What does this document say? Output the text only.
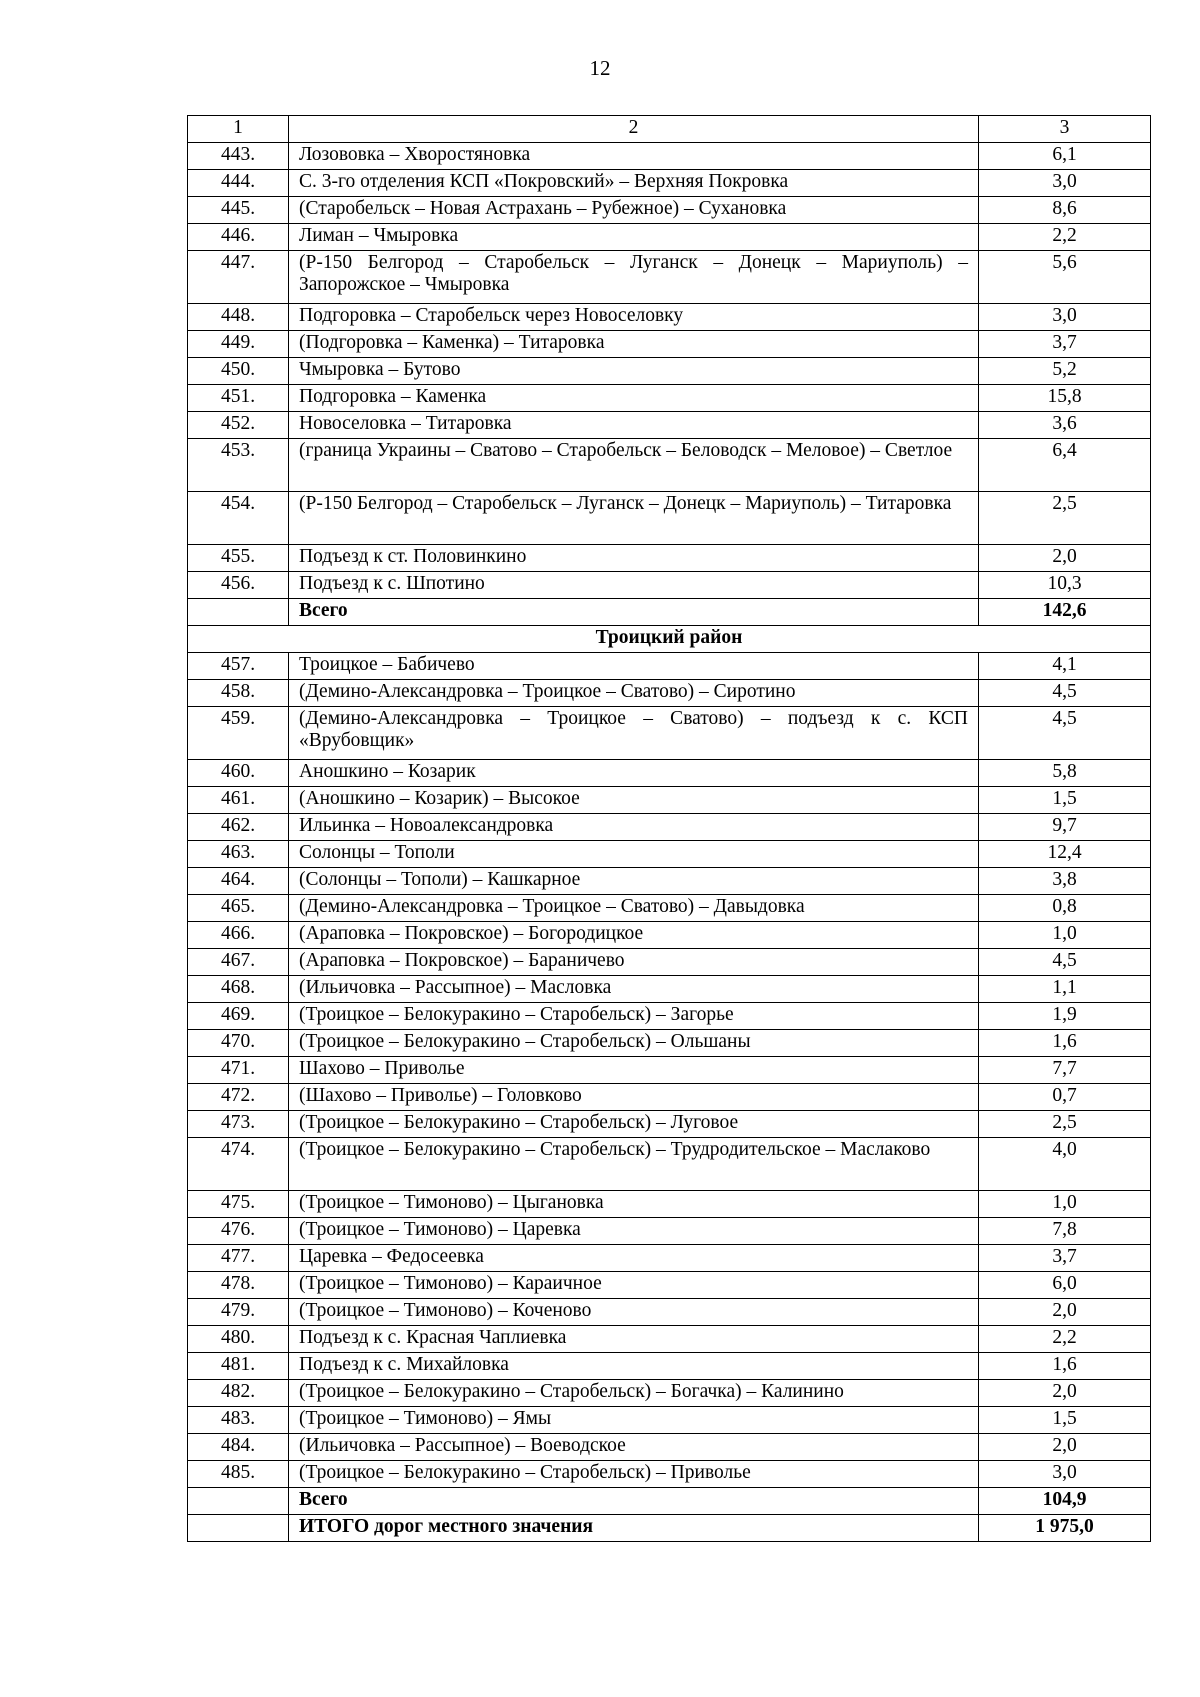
12
1	2	3
443.	Лозововка – Хворостяновка	6,1
444.	С. 3-го отделения КСП «Покровский» – Верхняя Покровка	3,0
445.	(Старобельск – Новая Астрахань – Рубежное) – Сухановка	8,6
446.	Лиман – Чмыровка	2,2
447.	(Р-150 Белгород – Старобельск – Луганск – Донецк – Мариуполь) – Запорожское – Чмыровка	5,6
448.	Подгоровка – Старобельск через Новоселовку	3,0
449.	(Подгоровка – Каменка) – Титаровка	3,7
450.	Чмыровка – Бутово	5,2
451.	Подгоровка – Каменка	15,8
452.	Новоселовка – Титаровка	3,6
453.	(граница Украины – Сватово – Старобельск – Беловодск – Меловое) – Светлое	6,4
454.	(Р-150 Белгород – Старобельск – Луганск – Донецк – Мариуполь) – Титаровка	2,5
455.	Подъезд к ст. Половинкино	2,0
456.	Подъезд к с. Шпотино	10,3
	Всего	142,6
Троицкий район		
457.	Троицкое – Бабичево	4,1
458.	(Демино-Александровка – Троицкое – Сватово) – Сиротино	4,5
459.	(Демино-Александровка – Троицкое – Сватово) – подъезд к с. КСП «Врубовщик»	4,5
460.	Аношкино – Козарик	5,8
461.	(Аношкино – Козарик) – Высокое	1,5
462.	Ильинка – Новоалександровка	9,7
463.	Солонцы – Тополи	12,4
464.	(Солонцы – Тополи) – Кашкарное	3,8
465.	(Демино-Александровка – Троицкое – Сватово) – Давыдовка	0,8
466.	(Араповка – Покровское) – Богородицкое	1,0
467.	(Араповка – Покровское) – Бараничево	4,5
468.	(Ильичовка – Рассыпное) – Масловка	1,1
469.	(Троицкое – Белокуракино – Старобельск) – Загорье	1,9
470.	(Троицкое – Белокуракино – Старобельск) – Ольшаны	1,6
471.	Шахово – Приволье	7,7
472.	(Шахово – Приволье) – Головково	0,7
473.	(Троицкое – Белокуракино – Старобельск) – Луговое	2,5
474.	(Троицкое – Белокуракино – Старобельск) – Трудродительское – Маслаково	4,0
475.	(Троицкое – Тимоново) – Цыгановка	1,0
476.	(Троицкое – Тимоново) – Царевка	7,8
477.	Царевка – Федосеевка	3,7
478.	(Троицкое – Тимоново) – Караичное	6,0
479.	(Троицкое – Тимоново) – Коченово	2,0
480.	Подъезд к с. Красная Чаплиевка	2,2
481.	Подъезд к с. Михайловка	1,6
482.	(Троицкое – Белокуракино – Старобельск) – Богачка) – Калинино	2,0
483.	(Троицкое – Тимоново) – Ямы	1,5
484.	(Ильичовка – Рассыпное) – Воеводское	2,0
485.	(Троицкое – Белокуракино – Старобельск) – Приволье	3,0
	Всего	104,9
	ИТОГО дорог местного значения	1 975,0
